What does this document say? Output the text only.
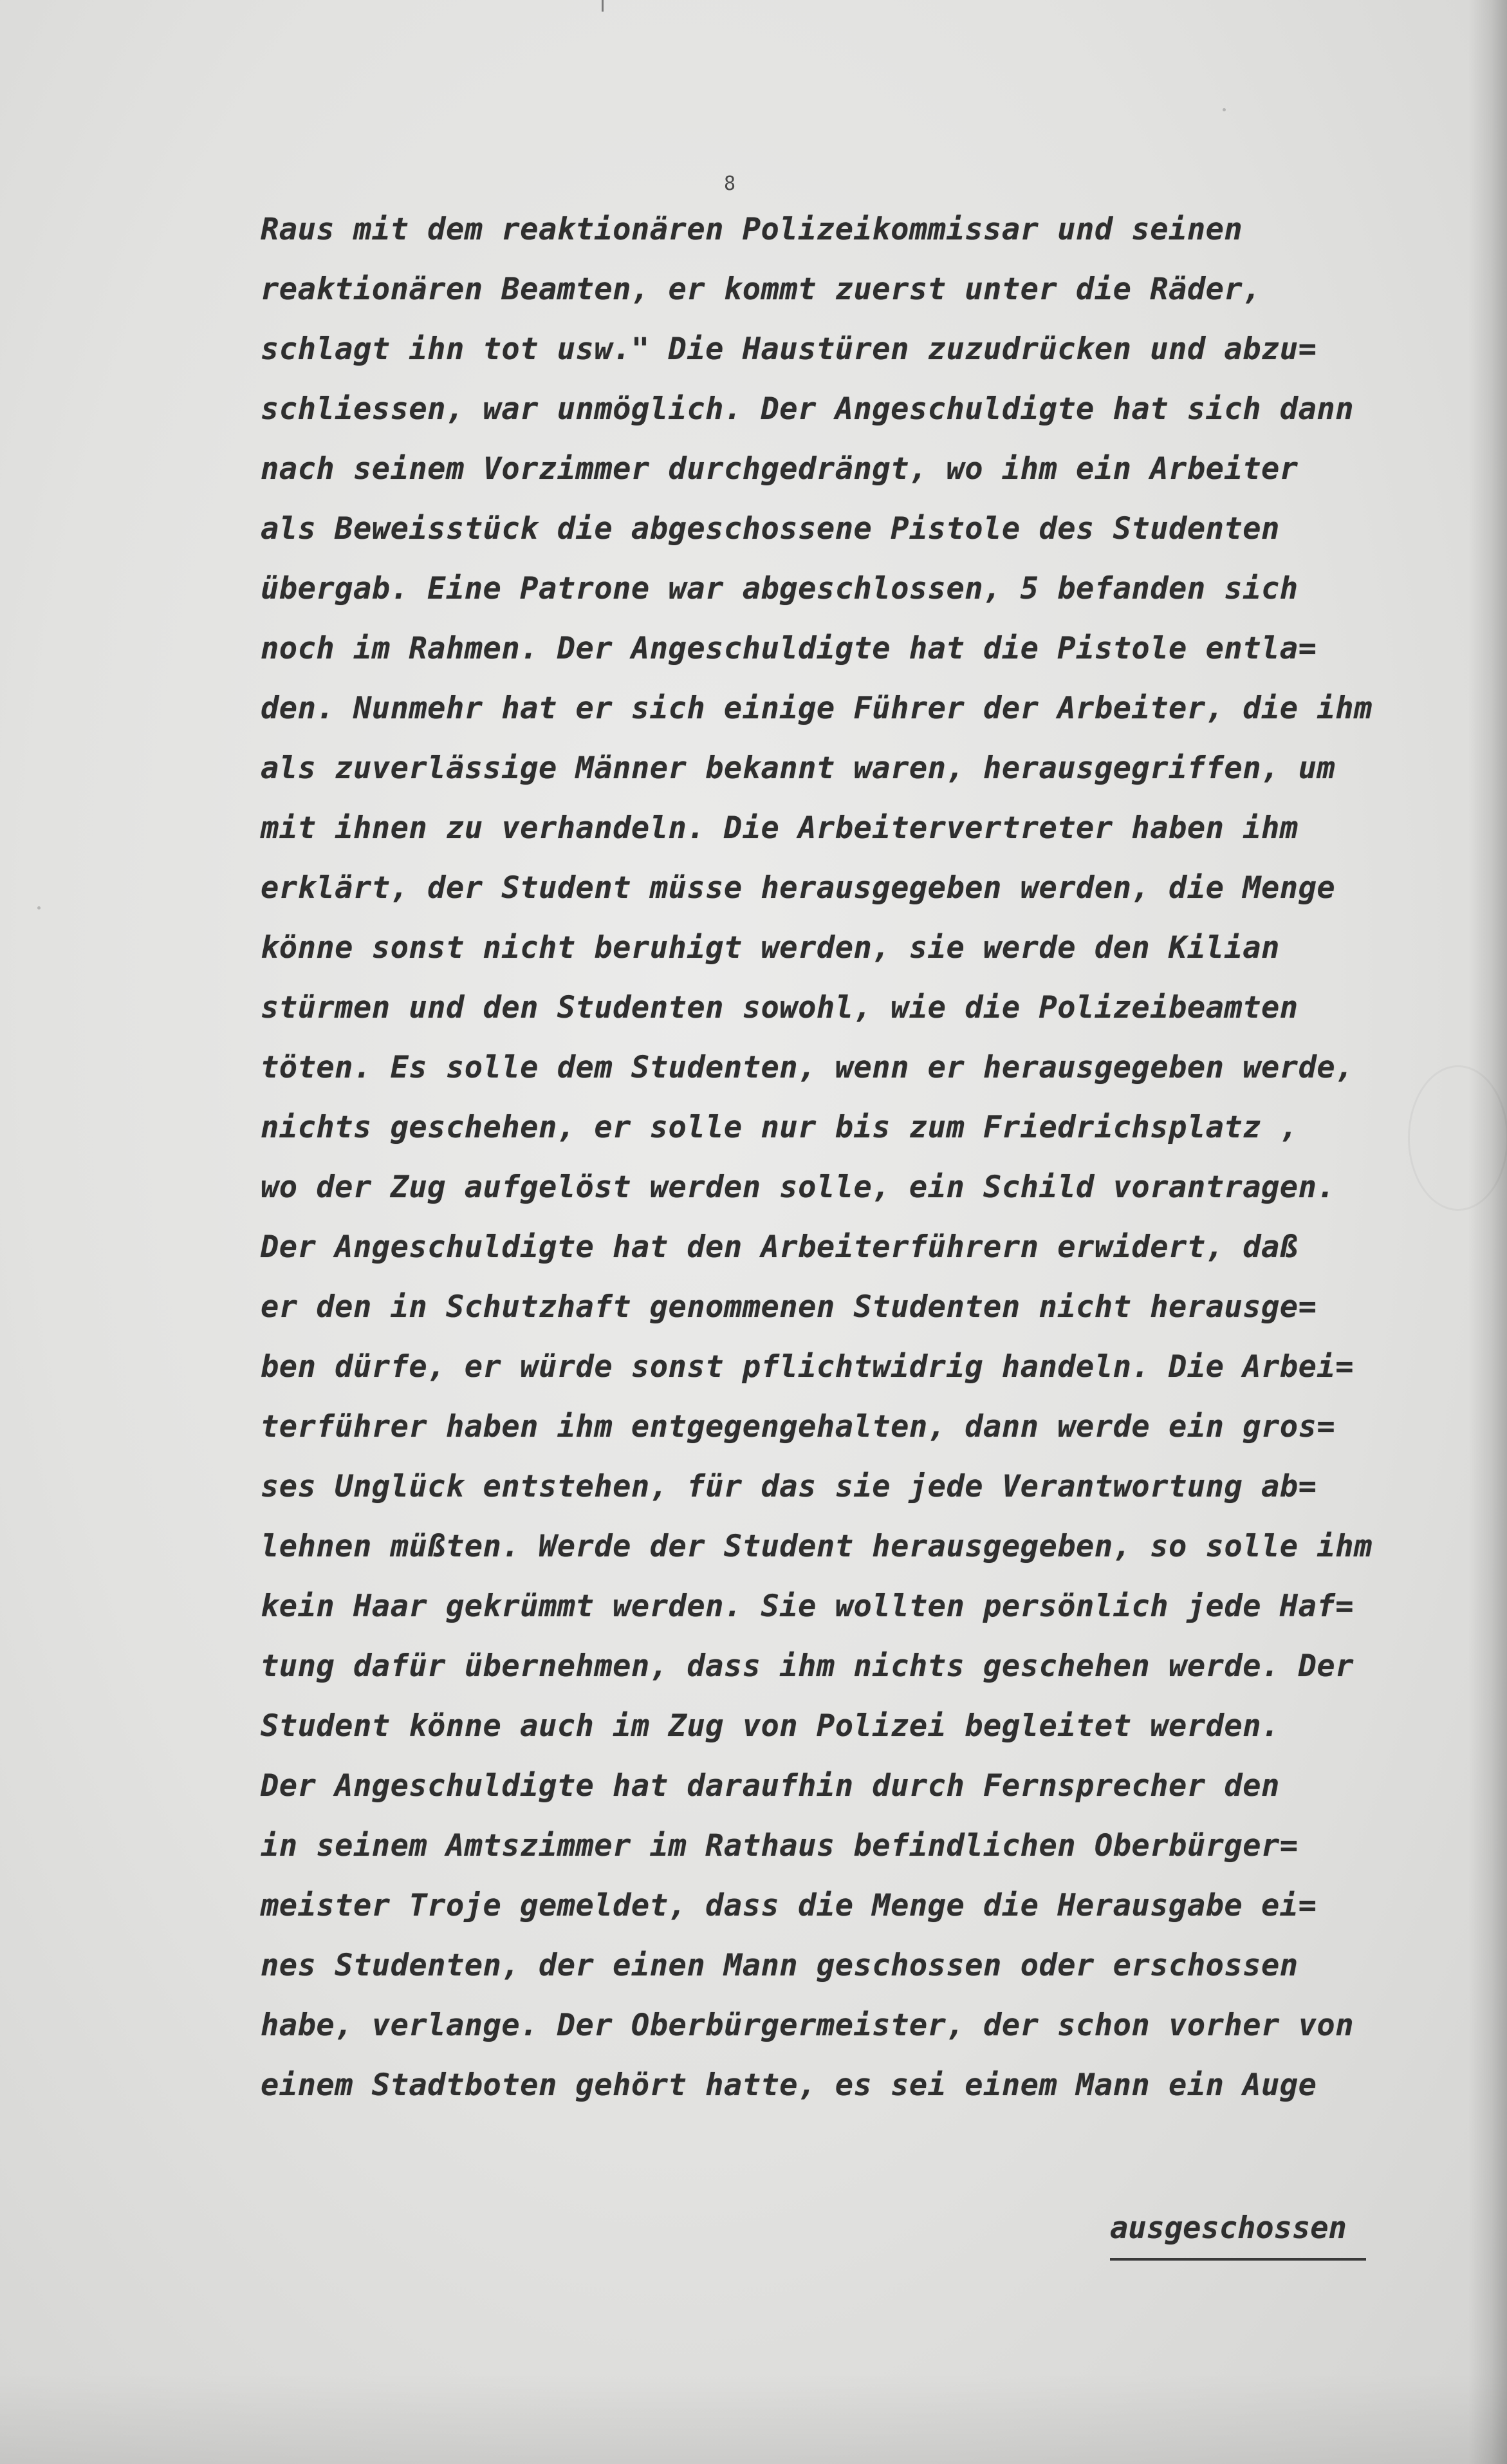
8
Raus mit dem reaktionären Polizeikommissar und seinen
reaktionären Beamten, er kommt zuerst unter die Räder,
schlagt ihn tot usw." Die Haustüren zuzudrücken und abzu=
schliessen, war unmöglich. Der Angeschuldigte hat sich dann
nach seinem Vorzimmer durchgedrängt, wo ihm ein Arbeiter
als Beweisstück die abgeschossene Pistole des Studenten
übergab. Eine Patrone war abgeschlossen, 5 befanden sich
noch im Rahmen. Der Angeschuldigte hat die Pistole entla=
den. Nunmehr hat er sich einige Führer der Arbeiter, die ihm
als zuverlässige Männer bekannt waren, herausgegriffen, um
mit ihnen zu verhandeln. Die Arbeitervertreter haben ihm
erklärt, der Student müsse herausgegeben werden, die Menge
könne sonst nicht beruhigt werden, sie werde den Kilian
stürmen und den Studenten sowohl, wie die Polizeibeamten
töten. Es solle dem Studenten, wenn er herausgegeben werde,
nichts geschehen, er solle nur bis zum Friedrichsplatz ,
wo der Zug aufgelöst werden solle, ein Schild vorantragen.
Der Angeschuldigte hat den Arbeiterführern erwidert, daß
er den in Schutzhaft genommenen Studenten nicht herausge=
ben dürfe, er würde sonst pflichtwidrig handeln. Die Arbei=
terführer haben ihm entgegengehalten, dann werde ein gros=
ses Unglück entstehen, für das sie jede Verantwortung ab=
lehnen müßten. Werde der Student herausgegeben, so solle ihm
kein Haar gekrümmt werden. Sie wollten persönlich jede Haf=
tung dafür übernehmen, dass ihm nichts geschehen werde. Der
Student könne auch im Zug von Polizei begleitet werden.
Der Angeschuldigte hat daraufhin durch Fernsprecher den
in seinem Amtszimmer im Rathaus befindlichen Oberbürger=
meister Troje gemeldet, dass die Menge die Herausgabe ei=
nes Studenten, der einen Mann geschossen oder erschossen
habe, verlange. Der Oberbürgermeister, der schon vorher von
einem Stadtboten gehört hatte, es sei einem Mann ein Auge
ausgeschossen
